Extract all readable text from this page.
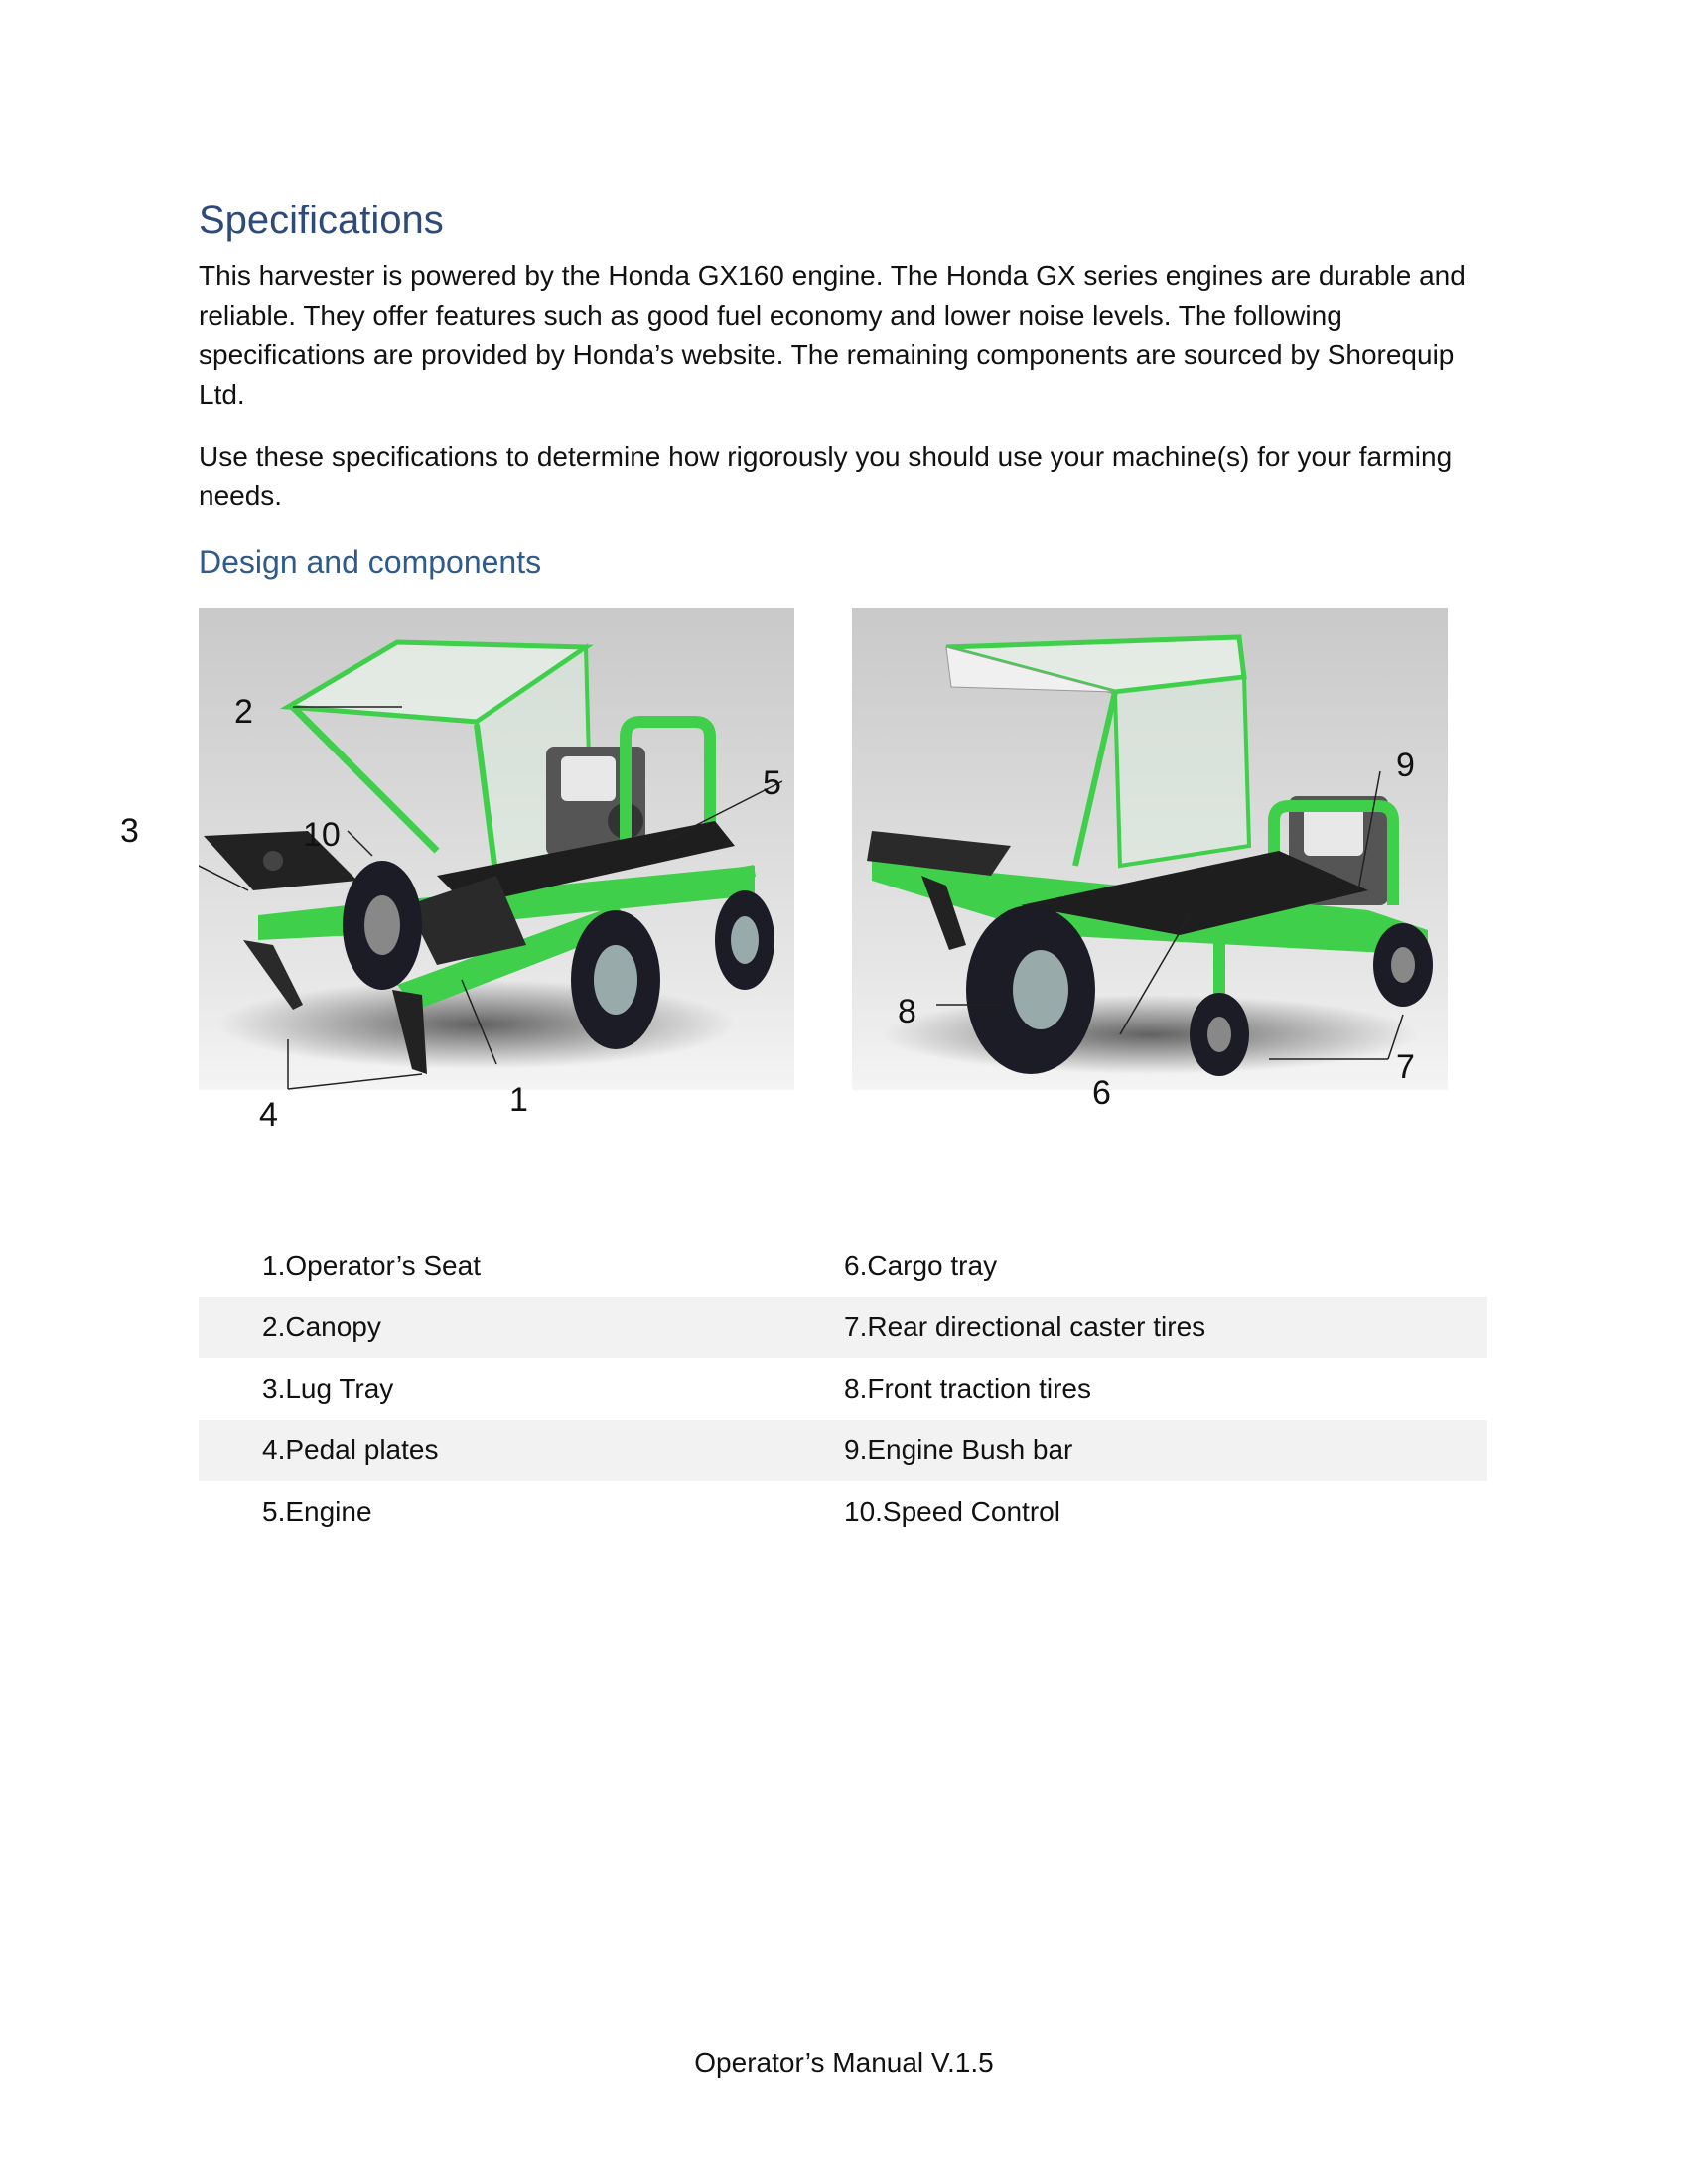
Specifications

This harvester is powered by the Honda GX160 engine. The Honda GX series engines are durable and reliable. They offer features such as good fuel economy and lower noise levels. The following specifications are provided by Honda’s website. The remaining components are sourced by Shorequip Ltd.

Use these specifications to determine how rigorously you should use your machine(s) for your farming needs.

Design and components
2
5
3	10
4	1
9
8
6
7
1.Operator’s Seat	6.Cargo tray
2.Canopy	7.Rear directional caster tires
3.Lug Tray	8.Front traction tires
4.Pedal plates	9.Engine Bush bar
5.Engine	10.Speed Control
Operator’s Manual V.1.5
